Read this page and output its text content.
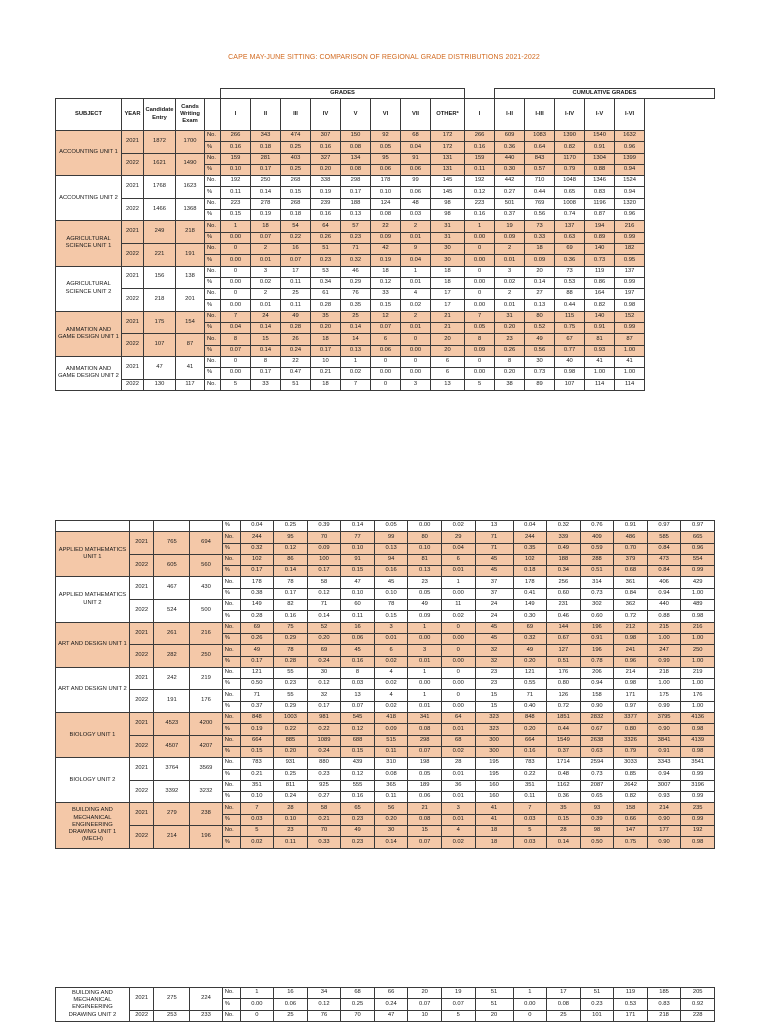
CAPE MAY-JUNE SITTING: COMPARISON OF REGIONAL GRADE DISTRIBUTIONS 2021-2022
					GRADES									CUMULATIVE GRADES				
SUBJECT	YEAR	Candidate Entry	Cands Writing Exam		I	II	III	IV	V	VI	VII	OTHER*	I	I-II	I-III	I-IV	I-V	I-VI
ACCOUNTING UNIT 1	2021	1872	1700	No.	266	343	474	307	150	92	68	172	266	609	1083	1390	1540	1632
				%	0.16	0.18	0.25	0.16	0.08	0.05	0.04	172	0.16	0.36	0.64	0.82	0.91	0.96
	2022	1621	1490	No.	159	281	403	327	134	95	91	131	159	440	843	1170	1304	1399
				%	0.10	0.17	0.25	0.20	0.08	0.06	0.06	131	0.11	0.30	0.57	0.79	0.88	0.94
ACCOUNTING UNIT 2	2021	1768	1623	No.	192	250	268	338	298	178	99	145	192	442	710	1048	1346	1524
				%	0.11	0.14	0.15	0.19	0.17	0.10	0.06	145	0.12	0.27	0.44	0.65	0.83	0.94
	2022	1466	1368	No.	223	278	268	239	188	124	48	98	223	501	769	1008	1196	1320
				%	0.15	0.19	0.18	0.16	0.13	0.08	0.03	98	0.16	0.37	0.56	0.74	0.87	0.96
AGRICULTURAL SCIENCE UNIT 1	2021	249	218	No.	1	18	54	64	57	22	2	31	1	19	73	137	194	216
				%	0.00	0.07	0.22	0.26	0.23	0.09	0.01	31	0.00	0.09	0.33	0.63	0.89	0.99
	2022	221	191	No.	0	2	16	51	71	42	9	30	0	2	18	69	140	182
				%	0.00	0.01	0.07	0.23	0.32	0.19	0.04	30	0.00	0.01	0.09	0.36	0.73	0.95
AGRICULTURAL SCIENCE UNIT 2	2021	156	138	No.	0	3	17	53	46	18	1	18	0	3	20	73	119	137
				%	0.00	0.02	0.11	0.34	0.29	0.12	0.01	18	0.00	0.02	0.14	0.53	0.86	0.99
	2022	218	201	No.	0	2	25	61	76	33	4	17	0	2	27	88	164	197
				%	0.00	0.01	0.11	0.28	0.35	0.15	0.02	17	0.00	0.01	0.13	0.44	0.82	0.98
ANIMATION AND GAME DESIGN UNIT 1	2021	175	154	No.	7	24	49	35	25	12	2	21	7	31	80	115	140	152
				%	0.04	0.14	0.28	0.20	0.14	0.07	0.01	21	0.05	0.20	0.52	0.75	0.91	0.99
	2022	107	87	No.	8	15	26	18	14	6	0	20	8	23	49	67	81	87
				%	0.07	0.14	0.24	0.17	0.13	0.06	0.00	20	0.09	0.26	0.56	0.77	0.93	1.00
ANIMATION AND GAME DESIGN UNIT 2	2021	47	41	No.	0	8	22	10	1	0	0	6	0	8	30	40	41	41
				%	0.00	0.17	0.47	0.21	0.02	0.00	0.00	6	0.00	0.20	0.73	0.98	1.00	1.00
	2022	130	117	No.	5	33	51	18	7	0	3	13	5	38	89	107	114	114
				%	0.04	0.25	0.39	0.14	0.05	0.00	0.02	13	0.04	0.32	0.76	0.91	0.97	0.97
APPLIED MATHEMATICS UNIT 1	2021	765	694	No.	244	95	70	77	99	80	29	71	244	339	409	486	585	665
				%	0.32	0.12	0.09	0.10	0.13	0.10	0.04	71	0.35	0.49	0.59	0.70	0.84	0.96
	2022	605	560	No.	102	86	100	91	94	81	6	45	102	188	288	379	473	554
				%	0.17	0.14	0.17	0.15	0.16	0.13	0.01	45	0.18	0.34	0.51	0.68	0.84	0.99
APPLIED MATHEMATICS UNIT 2	2021	467	430	No.	178	78	58	47	45	23	1	37	178	256	314	361	406	429
				%	0.38	0.17	0.12	0.10	0.10	0.05	0.00	37	0.41	0.60	0.73	0.84	0.94	1.00
	2022	524	500	No.	149	82	71	60	78	49	11	24	149	231	302	362	440	489
				%	0.28	0.16	0.14	0.11	0.15	0.09	0.02	24	0.30	0.46	0.60	0.72	0.88	0.98
ART AND DESIGN UNIT 1	2021	261	216	No.	69	75	52	16	3	1	0	45	69	144	196	212	215	216
				%	0.26	0.29	0.20	0.06	0.01	0.00	0.00	45	0.32	0.67	0.91	0.98	1.00	1.00
	2022	282	250	No.	49	78	69	45	6	3	0	32	49	127	196	241	247	250
				%	0.17	0.28	0.24	0.16	0.02	0.01	0.00	32	0.20	0.51	0.78	0.96	0.99	1.00
ART AND DESIGN UNIT 2	2021	242	219	No.	121	55	30	8	4	1	0	23	121	176	206	214	218	219
				%	0.50	0.23	0.12	0.03	0.02	0.00	0.00	23	0.55	0.80	0.94	0.98	1.00	1.00
	2022	191	176	No.	71	55	32	13	4	1	0	15	71	126	158	171	175	176
				%	0.37	0.29	0.17	0.07	0.02	0.01	0.00	15	0.40	0.72	0.90	0.97	0.99	1.00
BIOLOGY UNIT 1	2021	4523	4200	No.	848	1003	981	545	418	341	64	323	848	1851	2832	3377	3795	4136
				%	0.19	0.22	0.22	0.12	0.09	0.08	0.01	323	0.20	0.44	0.67	0.80	0.90	0.98
	2022	4507	4207	No.	664	885	1089	688	515	298	68	300	664	1549	2638	3326	3841	4139
				%	0.15	0.20	0.24	0.15	0.11	0.07	0.02	300	0.16	0.37	0.63	0.79	0.91	0.98
BIOLOGY UNIT 2	2021	3764	3569	No.	783	931	880	439	310	198	28	195	783	1714	2594	3033	3343	3541
				%	0.21	0.25	0.23	0.12	0.08	0.05	0.01	195	0.22	0.48	0.73	0.85	0.94	0.99
	2022	3392	3232	No.	351	811	925	555	365	189	36	160	351	1162	2087	2642	3007	3196
				%	0.10	0.24	0.27	0.16	0.11	0.06	0.01	160	0.11	0.36	0.65	0.82	0.93	0.99
BUILDING AND MECHANICAL ENGINEERING DRAWING UNIT 1 (MECH)	2021	279	238	No.	7	28	58	65	56	21	3	41	7	35	93	158	214	235
				%	0.03	0.10	0.21	0.23	0.20	0.08	0.01	41	0.03	0.15	0.39	0.66	0.90	0.99
	2022	214	196	No.	5	23	70	49	30	15	4	18	5	28	98	147	177	192
				%	0.02	0.11	0.33	0.23	0.14	0.07	0.02	18	0.03	0.14	0.50	0.75	0.90	0.98
BUILDING AND MECHANICAL ENGINEERING DRAWING UNIT 2	2021	275	224	No.	1	16	34	68	66	20	19	51	1	17	51	119	185	205
				%	0.00	0.06	0.12	0.25	0.24	0.07	0.07	51	0.00	0.08	0.23	0.53	0.83	0.92
	2022	253	233	No.	0	25	76	70	47	10	5	20	0	25	101	171	218	228
